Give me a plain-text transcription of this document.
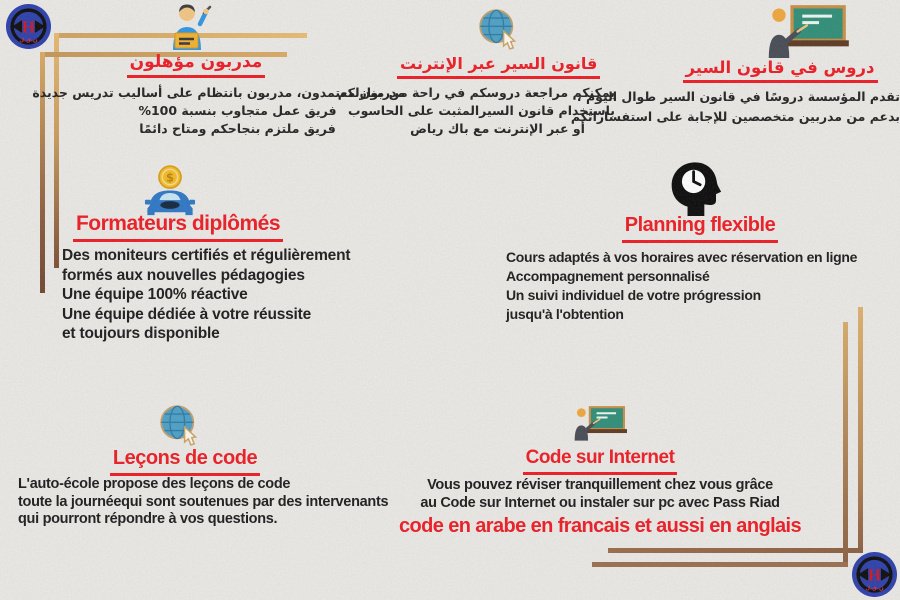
H
ن.ق.ل
H
ن.ق.ل
$
مدربون مؤهلون	قانون السير عبر الإنترنت	دروس في قانون السير
Formateurs diplômés	Planning flexible
Leçons de code	Code sur Internet
مدربون معتمدون، مدربون بانتظام على أساليب تدريس جديدة
فريق عمل متجاوب بنسبة 100%
فريق ملتزم بنجاحكم ومتاح دائمًا
يمكنكم مراجعة دروسكم في راحة من منازلكم
باستخدام قانون السيرالمثبت على الحاسوب
أو عبر الإنترنت مع باك رياض
تقدم المؤسسة دروسًا في قانون السير طوال اليوم ،
بدعم من مدربين متخصصين للإجابة على استفساراتكم
Des moniteurs certifiés et régulièrement
formés aux nouvelles pédagogies
Une équipe 100% réactive
Une équipe dédiée à votre réussite
et toujours disponible
Cours adaptés à vos horaires avec réservation en ligne
Accompagnement personnalisé
Un suivi individuel de votre prógression
jusqu'à l'obtention
L'auto-école propose des leçons de code
toute la journéequi sont soutenues par des intervenants
qui pourront répondre à vos questions.
Vous pouvez réviser tranquillement chez vous grâce
au Code sur Internet ou instaler sur pc avec Pass Riad
code en arabe en francais et aussi en anglais
